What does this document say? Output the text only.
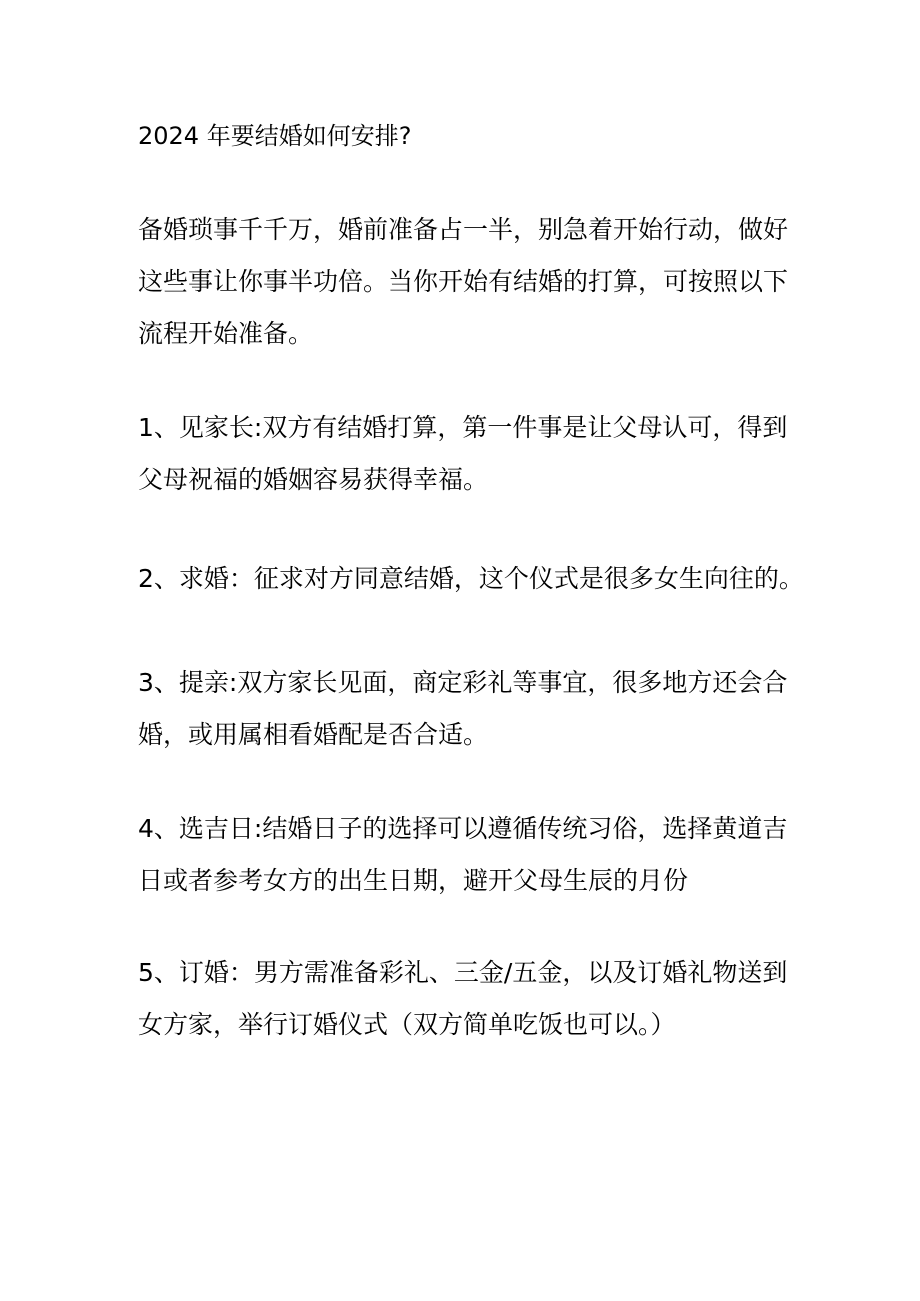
2024 年要结婚如何安排?
备婚琐事千千万，婚前准备占一半，别急着开始行动，做好
这些事让你事半功倍。当你开始有结婚的打算，可按照以下
流程开始准备。
1、见家长:双方有结婚打算，第一件事是让父母认可，得到
父母祝福的婚姻容易获得幸福。
2、求婚：征求对方同意结婚，这个仪式是很多女生向往的。
3、提亲:双方家长见面，商定彩礼等事宜，很多地方还会合
婚，或用属相看婚配是否合适。
4、选吉日:结婚日子的选择可以遵循传统习俗，选择黄道吉
日或者参考女方的出生日期，避开父母生辰的月份
5、订婚：男方需准备彩礼、三金/五金，以及订婚礼物送到
女方家，举行订婚仪式（双方简单吃饭也可以。）
